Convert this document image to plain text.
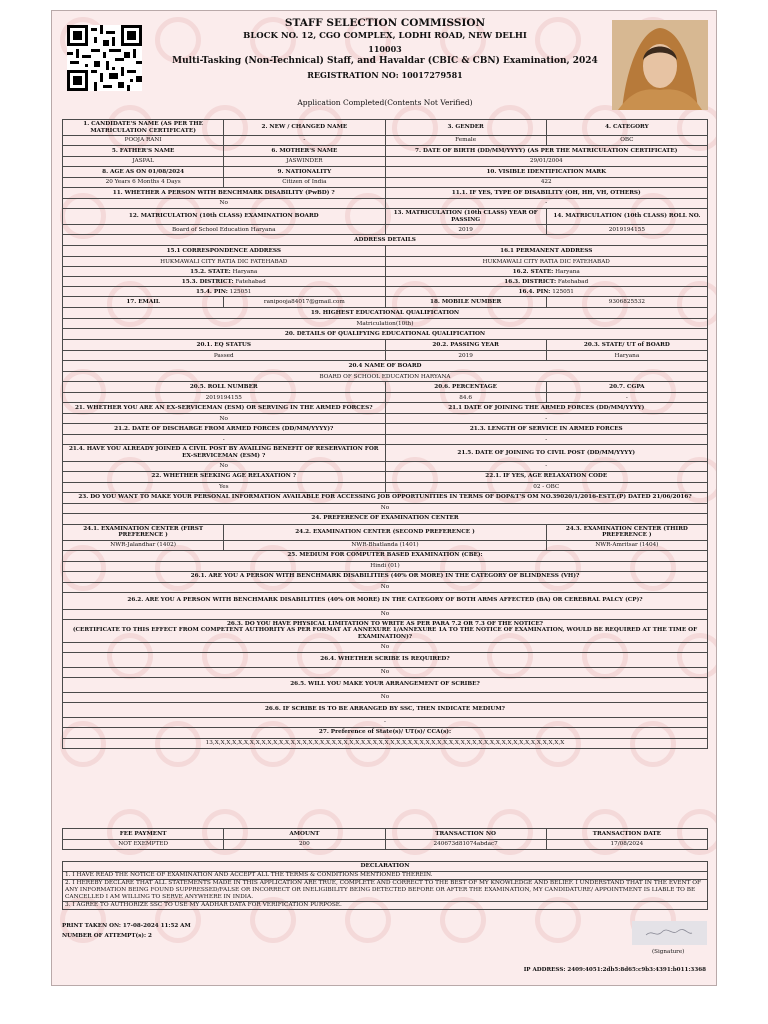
STAFF SELECTION COMMISSION
BLOCK NO. 12, CGO COMPLEX, LODHI ROAD, NEW DELHI
110003
Multi-Tasking (Non-Technical) Staff, and Havaldar (CBIC & CBN) Examination, 2024
REGISTRATION NO: 10017279581
Application Completed(Contents Not Verified)
1. CANDIDATE'S NAME (AS PER THE MATRICULATION CERTIFICATE)	2. NEW / CHANGED NAME	3. GENDER	4. CATEGORY
POOJA RANI	-	Female	OBC
5. FATHER'S NAME	6. MOTHER'S NAME	7. DATE OF BIRTH (DD/MM/YYYY) (AS PER THE MATRICULATION CERTIFICATE)	
JASPAL	JASWINDER	29/01/2004	
8. AGE AS ON 01/08/2024	9. NATIONALITY	10. VISIBLE IDENTIFICATION MARK	
20 Years 6 Months 4 Days	Citizen of India	422	
11. WHETHER A PERSON WITH BENCHMARK DISABILITY (PwBD) ?		11.1. IF YES, TYPE OF DISABILITY (OH, HH, VH, OTHERS)	
No		-	
12. MATRICULATION (10th CLASS) EXAMINATION BOARD		13. MATRICULATION (10th CLASS) YEAR OF PASSING	14. MATRICULATION (10th CLASS) ROLL NO.
Board of School Education Haryana		2019	2019194155
ADDRESS DETAILS			
15.1 CORRESPONDENCE ADDRESS		16.1 PERMANENT ADDRESS	
HUKMAWALI CITY RATIA DIC FATEHABAD		HUKMAWALI CITY RATIA DIC FATEHABAD	
15.2. STATE: Haryana		16.2. STATE: Haryana	
15.3. DISTRICT: Fatehabad		16.3. DISTRICT: Fatehabad	
15.4. PIN: 125051		16.4. PIN: 125051	
17. EMAIL	ranipooja84017@gmail.com	18. MOBILE NUMBER	9306825532
19. HIGHEST EDUCATIONAL QUALIFICATION			
Matriculation(10th)			
20. DETAILS OF QUALIFYING EDUCATIONAL QUALIFICATION			
20.1. EQ STATUS		20.2. PASSING YEAR	20.3. STATE/ UT of BOARD
Passed		2019	Haryana
20.4 NAME OF BOARD			
BOARD OF SCHOOL EDUCATION HARYANA			
20.5. ROLL NUMBER		20.6. PERCENTAGE	20.7. CGPA
2019194155		84.6	-
21. WHETHER YOU ARE AN EX-SERVICEMAN (ESM) OR SERVING IN THE ARMED FORCES?		21.1 DATE OF JOINING THE ARMED FORCES (DD/MM/YYYY)	
No		-	
21.2. DATE OF DISCHARGE FROM ARMED FORCES (DD/MM/YYYY)?		21.3. LENGTH OF SERVICE IN ARMED FORCES	
-		-	
21.4. HAVE YOU ALREADY JOINED A CIVIL POST BY AVAILING BENEFIT OF RESERVATION FOR EX-SERVICEMAN (ESM) ?		21.5. DATE OF JOINING TO CIVIL POST (DD/MM/YYYY)	
No		-	
22. WHETHER SEEKING AGE RELAXATION ?		22.1. IF YES, AGE RELAXATION CODE	
Yes		02 - OBC	
23. DO YOU WANT TO MAKE YOUR PERSONAL INFORMATION AVAILABLE FOR ACCESSING JOB OPPORTUNITIES IN TERMS OF DOP&T'S OM NO.39020/1/2016-ESTT.(P) DATED 21/06/2016?			
No			
24. PREFERENCE OF EXAMINATION CENTER			
24.1. EXAMINATION CENTER (FIRST PREFERENCE )	24.2. EXAMINATION CENTER (SECOND PREFERENCE )		24.3. EXAMINATION CENTER (THIRD PREFERENCE )
NWR-Jalandhar (1402)	NWR-Bhatlanda (1401)		NWR-Amritsar (1404)
25. MEDIUM FOR COMPUTER BASED EXAMINATION (CBE):			
Hindi (01)			
26.1. ARE YOU A PERSON WITH BENCHMARK DISABILITIES (40% OR MORE) IN THE CATEGORY OF BLINDNESS (VH)?			
No			
26.2. ARE YOU A PERSON WITH BENCHMARK DISABILITIES (40% OR MORE) IN THE CATEGORY OF BOTH ARMS AFFECTED (BA) OR CEREBRAL PALCY (CP)?			
No			

26.3. DO YOU HAVE PHYSICAL LIMITATION TO WRITE AS PER PARA 7.2 OR 7.3 OF THE NOTICE?
(CERTIFICATE TO THIS EFFECT FROM COMPETENT AUTHORITY AS PER FORMAT AT ANNEXURE 1/ANNEXURE 1A TO THE NOTICE OF EXAMINATION, WOULD BE REQUIRED AT THE TIME OF EXAMINATION)?			

No			
26.4. WHETHER SCRIBE IS REQUIRED?			
No			
26.5. WILL YOU MAKE YOUR ARRANGEMENT OF SCRIBE?			
No			
26.6. IF SCRIBE IS TO BE ARRANGED BY SSC, THEN INDICATE MEDIUM?			
-			
27. Preference of State(s)/ UT(s)/ CCA(s):			
13,X,X,X,X,X,X,X,X,X,X,X,X,X,X,X,X,X,X,X,X,X,X,X,X,X,X,X,X,X,X,X,X,X,X,X,X,X,X,X,X,X,X,X,X,X,X,X,X,X,X,X,X,X,X,X,X,X,X,X,X			
FEE PAYMENT	AMOUNT	TRANSACTION NO	TRANSACTION DATE
NOT EXEMPTED	200	240673d81074abdac7	17/08/2024
DECLARATION
1. I HAVE READ THE NOTICE OF EXAMINATION AND ACCEPT ALL THE TERMS & CONDITIONS MENTIONED THEREIN.
2. I HEREBY DECLARE THAT ALL STATEMENTS MADE IN THIS APPLICATION ARE TRUE, COMPLETE AND CORRECT TO THE BEST OF MY KNOWLEDGE AND BELIEF. I UNDERSTAND THAT IN THE EVENT OF ANY INFORMATION BEING FOUND SUPPRESSED/FALSE OR INCORRECT OR INELIGIBILITY BEING DETECTED BEFORE OR AFTER THE EXAMINATION, MY CANDIDATURE/ APPOINTMENT IS LIABLE TO BE CANCELLED I AM WILLING TO SERVE ANYWHERE IN INDIA.
3. I AGREE TO AUTHORIZE SSC TO USE MY AADHAR DATA FOR VERIFICATION PURPOSE.
PRINT TAKEN ON: 17-08-2024 11:52 AM
NUMBER OF ATTEMPT(s): 2
(Signature)
IP ADDRESS: 2409:4051:2db5:8d65:c9b3:4391:b011:3368
